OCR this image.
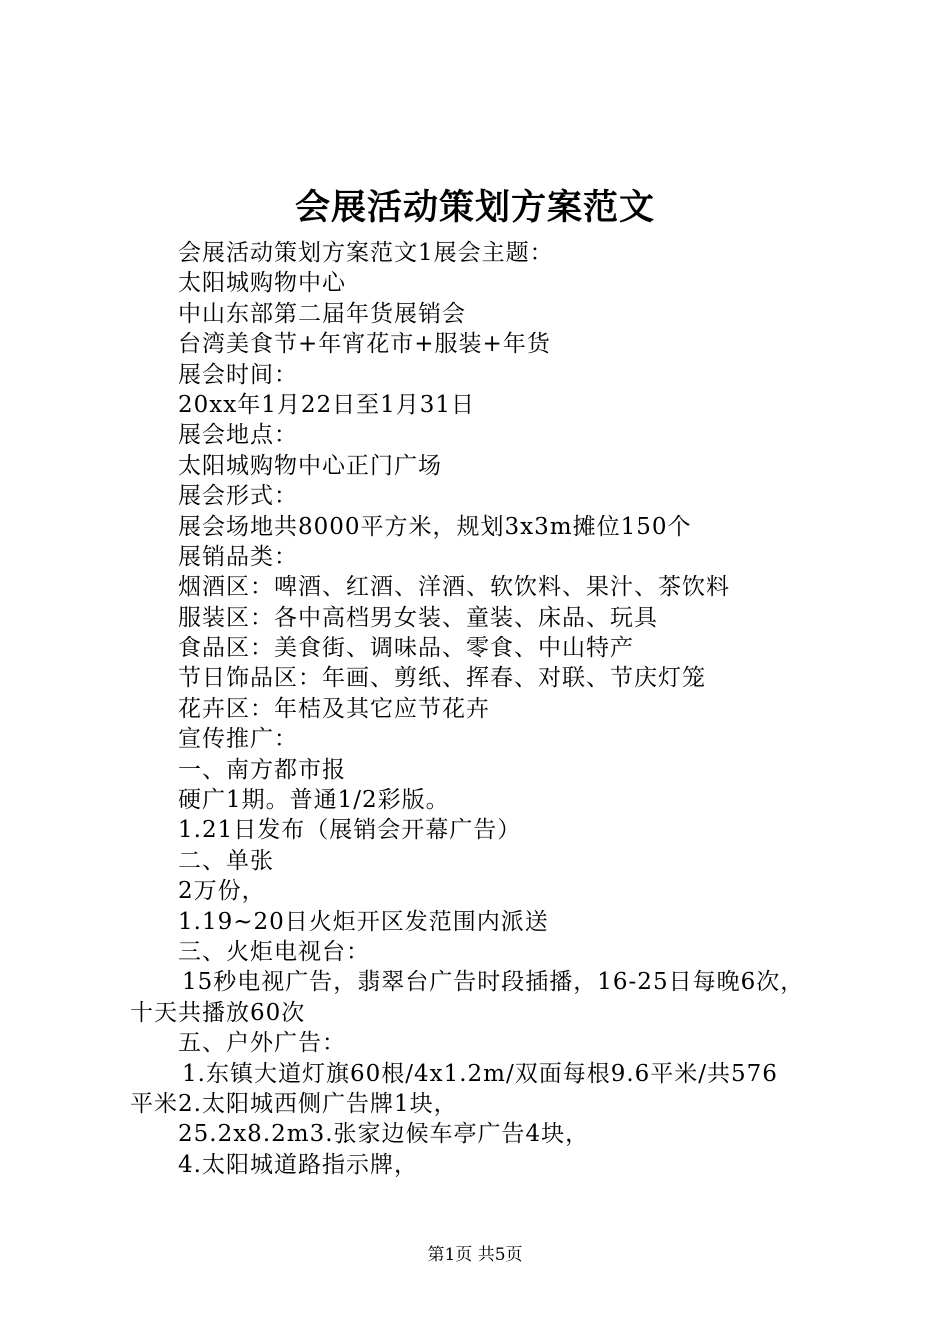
会展活动策划方案范文
会展活动策划方案范文1展会主题：
太阳城购物中心
中山东部第二届年货展销会
台湾美食节+年宵花市+服装+年货
展会时间：
20xx年1月22日至1月31日
展会地点：
太阳城购物中心正门广场
展会形式：
展会场地共8000平方米，规划3x3m摊位150个
展销品类：
烟酒区：啤酒、红酒、洋酒、软饮料、果汁、茶饮料
服装区：各中高档男女装、童装、床品、玩具
食品区：美食街、调味品、零食、中山特产
节日饰品区：年画、剪纸、挥春、对联、节庆灯笼
花卉区：年桔及其它应节花卉
宣传推广：
一、南方都市报
硬广1期。普通1/2彩版。
1.21日发布（展销会开幕广告）
二、单张
2万份，
1.19~20日火炬开区发范围内派送
三、火炬电视台：
15秒电视广告，翡翠台广告时段插播，16-25日每晚6次，
十天共播放60次
五、户外广告：
1.东镇大道灯旗60根/4x1.2m/双面每根9.6平米/共576
平米2.太阳城西侧广告牌1块，
25.2x8.2m3.张家边候车亭广告4块，
4.太阳城道路指示牌，
第1页 共5页
